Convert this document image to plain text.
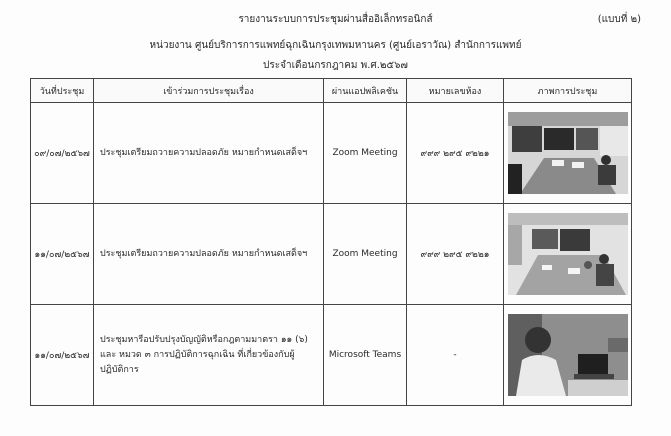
รายงานระบบการประชุมผ่านสื่ออิเล็กทรอนิกส์	(แบบที่ ๒)
หน่วยงาน ศูนย์บริการการแพทย์ฉุกเฉินกรุงเทพมหานคร (ศูนย์เอราวัณ) สำนักการแพทย์
ประจำเดือนกรกฎาคม พ.ศ.๒๕๖๗
วันที่ประชุม	เข้าร่วมการประชุมเรื่อง	ผ่านแอปพลิเคชัน	หมายเลขห้อง	ภาพการประชุม
๐๙/๐๗/๒๕๖๗	ประชุมเตรียมถวายความปลอดภัย หมายกำหนดเสด็จฯ	Zoom Meeting	๙๙๙ ๒๙๕ ๙๒๒๑	

๑๑/๐๗/๒๕๖๗	ประชุมเตรียมถวายความปลอดภัย หมายกำหนดเสด็จฯ	Zoom Meeting	๙๙๙ ๒๙๕ ๙๒๒๑	

๑๑/๐๗/๒๕๖๗	ประชุมหารือปรับปรุงบัญญัติหรือกฎตามมาตรา ๑๑ (๖) และ หมวด ๓ การปฏิบัติการฉุกเฉิน ที่เกี่ยวข้องกับผู้ปฏิบัติการ	Microsoft Teams	-	
